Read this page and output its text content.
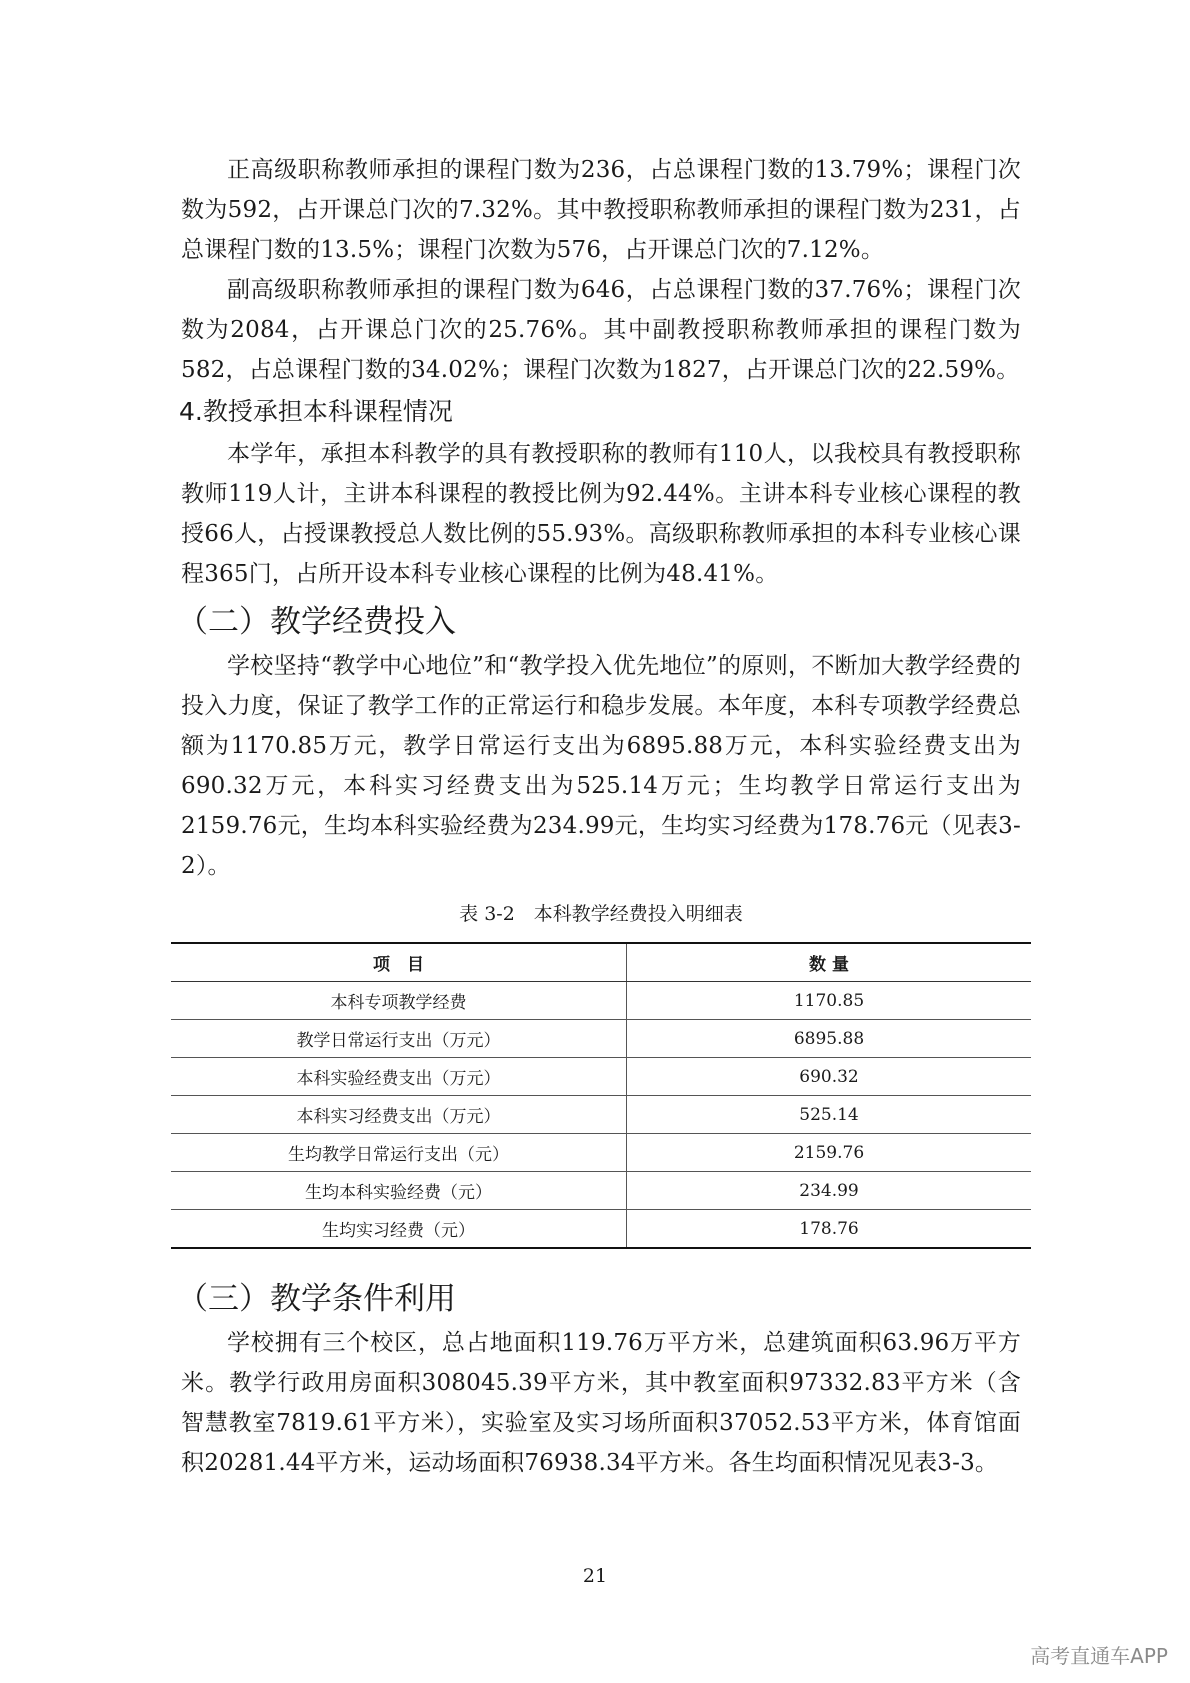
正高级职称教师承担的课程门数为236，占总课程门数的13.79%；课程门次数为592，占开课总门次的7.32%。其中教授职称教师承担的课程门数为231，占总课程门数的13.5%；课程门次数为576，占开课总门次的7.12%。

副高级职称教师承担的课程门数为646，占总课程门数的37.76%；课程门次数为2084，占开课总门次的25.76%。其中副教授职称教师承担的课程门数为582，占总课程门数的34.02%；课程门次数为1827，占开课总门次的22.59%。

4.教授承担本科课程情况

本学年，承担本科教学的具有教授职称的教师有110人，以我校具有教授职称教师119人计，主讲本科课程的教授比例为92.44%。主讲本科专业核心课程的教授66人，占授课教授总人数比例的55.93%。高级职称教师承担的本科专业核心课程365门，占所开设本科专业核心课程的比例为48.41%。

（二）教学经费投入

学校坚持“教学中心地位”和“教学投入优先地位”的原则，不断加大教学经费的投入力度，保证了教学工作的正常运行和稳步发展。本年度，本科专项教学经费总额为1170.85万元，教学日常运行支出为6895.88万元，本科实验经费支出为690.32万元，本科实习经费支出为525.14万元；生均教学日常运行支出为2159.76元，生均本科实验经费为234.99元，生均实习经费为178.76元（见表3-2）。

表 3-2　本科教学经费投入明细表
项　目	数 量
本科专项教学经费	1170.85
教学日常运行支出（万元）	6895.88
本科实验经费支出（万元）	690.32
本科实习经费支出（万元）	525.14
生均教学日常运行支出（元）	2159.76
生均本科实验经费（元）	234.99
生均实习经费（元）	178.76
（三）教学条件利用

学校拥有三个校区，总占地面积119.76万平方米，总建筑面积63.96万平方米。教学行政用房面积308045.39平方米，其中教室面积97332.83平方米（含智慧教室7819.61平方米），实验室及实习场所面积37052.53平方米，体育馆面积20281.44平方米，运动场面积76938.34平方米。各生均面积情况见表3-3。

21
高考直通车APP
